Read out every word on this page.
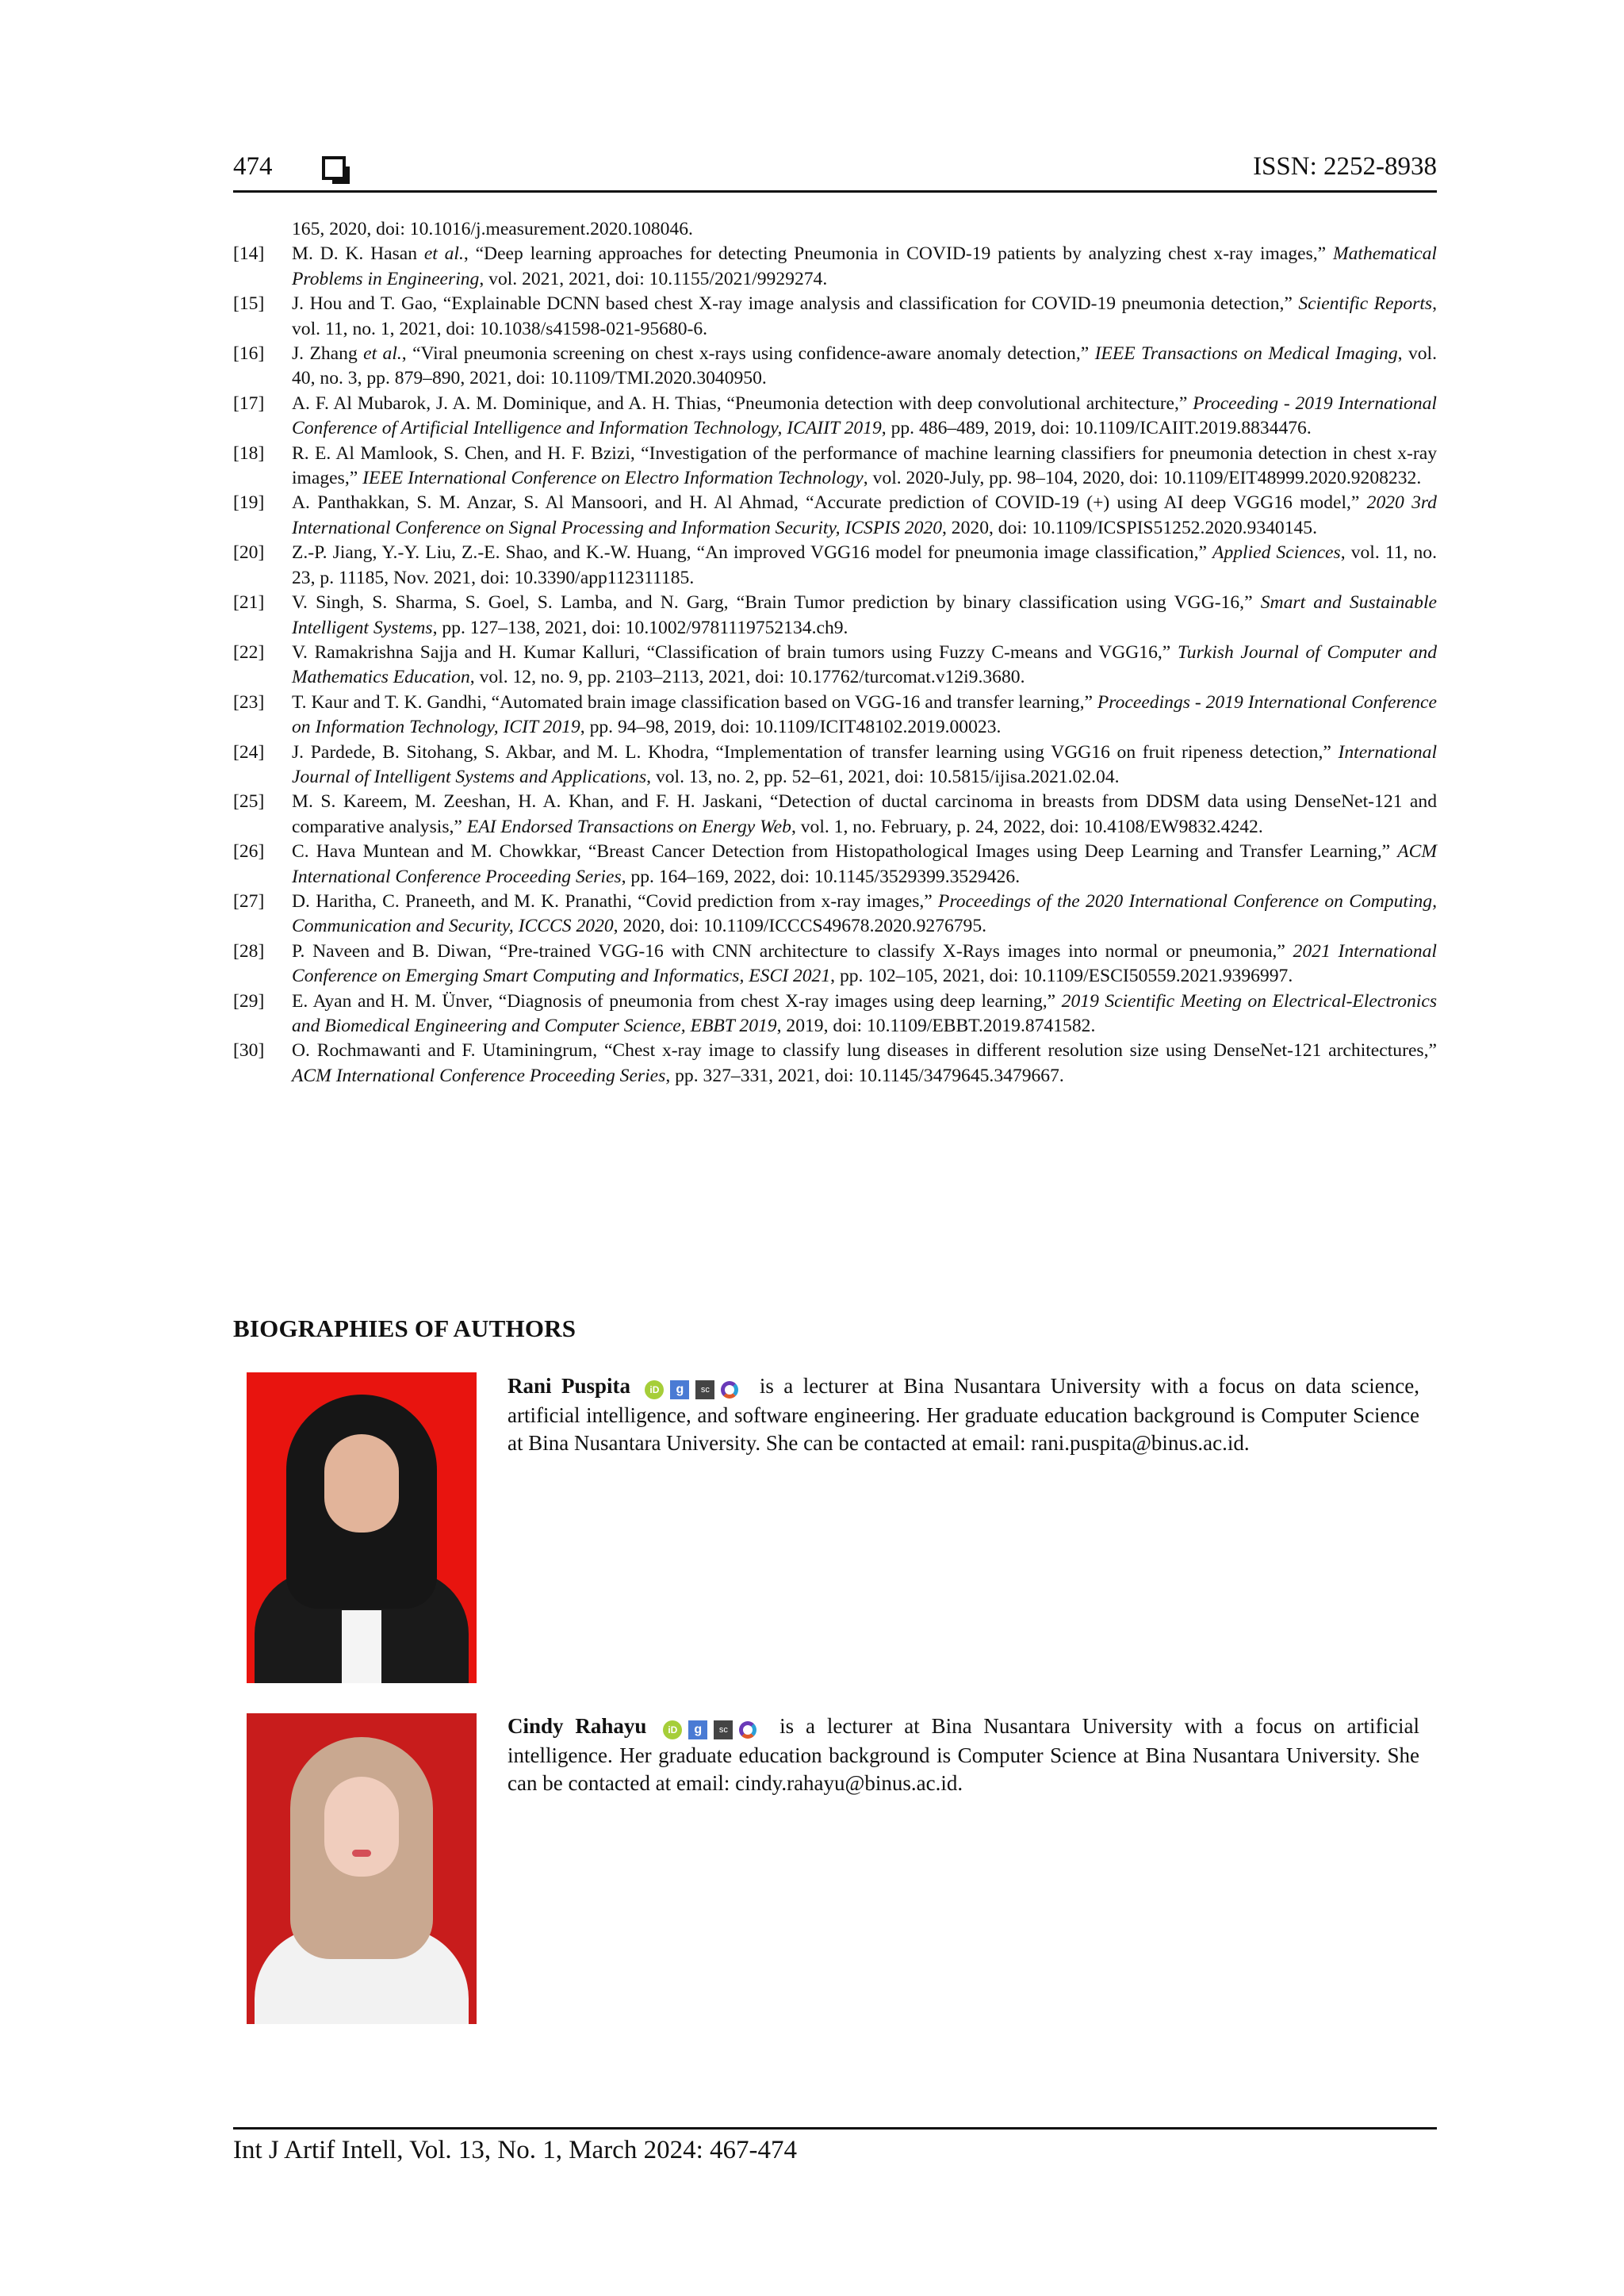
474	ISSN: 2252-8938
165, 2020, doi: 10.1016/j.measurement.2020.108046.
[14]	M. D. K. Hasan et al., “Deep learning approaches for detecting Pneumonia in COVID-19 patients by analyzing chest x-ray images,” Mathematical Problems in Engineering, vol. 2021, 2021, doi: 10.1155/2021/9929274.
[15]	J. Hou and T. Gao, “Explainable DCNN based chest X-ray image analysis and classification for COVID-19 pneumonia detection,” Scientific Reports, vol. 11, no. 1, 2021, doi: 10.1038/s41598-021-95680-6.
[16]	J. Zhang et al., “Viral pneumonia screening on chest x-rays using confidence-aware anomaly detection,” IEEE Transactions on Medical Imaging, vol. 40, no. 3, pp. 879–890, 2021, doi: 10.1109/TMI.2020.3040950.
[17]	A. F. Al Mubarok, J. A. M. Dominique, and A. H. Thias, “Pneumonia detection with deep convolutional architecture,” Proceeding - 2019 International Conference of Artificial Intelligence and Information Technology, ICAIIT 2019, pp. 486–489, 2019, doi: 10.1109/ICAIIT.2019.8834476.
[18]	R. E. Al Mamlook, S. Chen, and H. F. Bzizi, “Investigation of the performance of machine learning classifiers for pneumonia detection in chest x-ray images,” IEEE International Conference on Electro Information Technology, vol. 2020-July, pp. 98–104, 2020, doi: 10.1109/EIT48999.2020.9208232.
[19]	A. Panthakkan, S. M. Anzar, S. Al Mansoori, and H. Al Ahmad, “Accurate prediction of COVID-19 (+) using AI deep VGG16 model,” 2020 3rd International Conference on Signal Processing and Information Security, ICSPIS 2020, 2020, doi: 10.1109/ICSPIS51252.2020.9340145.
[20]	Z.-P. Jiang, Y.-Y. Liu, Z.-E. Shao, and K.-W. Huang, “An improved VGG16 model for pneumonia image classification,” Applied Sciences, vol. 11, no. 23, p. 11185, Nov. 2021, doi: 10.3390/app112311185.
[21]	V. Singh, S. Sharma, S. Goel, S. Lamba, and N. Garg, “Brain Tumor prediction by binary classification using VGG-16,” Smart and Sustainable Intelligent Systems, pp. 127–138, 2021, doi: 10.1002/9781119752134.ch9.
[22]	V. Ramakrishna Sajja and H. Kumar Kalluri, “Classification of brain tumors using Fuzzy C-means and VGG16,” Turkish Journal of Computer and Mathematics Education, vol. 12, no. 9, pp. 2103–2113, 2021, doi: 10.17762/turcomat.v12i9.3680.
[23]	T. Kaur and T. K. Gandhi, “Automated brain image classification based on VGG-16 and transfer learning,” Proceedings - 2019 International Conference on Information Technology, ICIT 2019, pp. 94–98, 2019, doi: 10.1109/ICIT48102.2019.00023.
[24]	J. Pardede, B. Sitohang, S. Akbar, and M. L. Khodra, “Implementation of transfer learning using VGG16 on fruit ripeness detection,” International Journal of Intelligent Systems and Applications, vol. 13, no. 2, pp. 52–61, 2021, doi: 10.5815/ijisa.2021.02.04.
[25]	M. S. Kareem, M. Zeeshan, H. A. Khan, and F. H. Jaskani, “Detection of ductal carcinoma in breasts from DDSM data using DenseNet-121 and comparative analysis,” EAI Endorsed Transactions on Energy Web, vol. 1, no. February, p. 24, 2022, doi: 10.4108/EW9832.4242.
[26]	C. Hava Muntean and M. Chowkkar, “Breast Cancer Detection from Histopathological Images using Deep Learning and Transfer Learning,” ACM International Conference Proceeding Series, pp. 164–169, 2022, doi: 10.1145/3529399.3529426.
[27]	D. Haritha, C. Praneeth, and M. K. Pranathi, “Covid prediction from x-ray images,” Proceedings of the 2020 International Conference on Computing, Communication and Security, ICCCS 2020, 2020, doi: 10.1109/ICCCS49678.2020.9276795.
[28]	P. Naveen and B. Diwan, “Pre-trained VGG-16 with CNN architecture to classify X-Rays images into normal or pneumonia,” 2021 International Conference on Emerging Smart Computing and Informatics, ESCI 2021, pp. 102–105, 2021, doi: 10.1109/ESCI50559.2021.9396997.
[29]	E. Ayan and H. M. Ünver, “Diagnosis of pneumonia from chest X-ray images using deep learning,” 2019 Scientific Meeting on Electrical-Electronics and Biomedical Engineering and Computer Science, EBBT 2019, 2019, doi: 10.1109/EBBT.2019.8741582.
[30]	O. Rochmawanti and F. Utaminingrum, “Chest x-ray image to classify lung diseases in different resolution size using DenseNet-121 architectures,” ACM International Conference Proceeding Series, pp. 327–331, 2021, doi: 10.1145/3479645.3479667.
BIOGRAPHIES OF AUTHORS
Rani Puspita iD g sc is a lecturer at Bina Nusantara University with a focus on data science, artificial intelligence, and software engineering. Her graduate education background is Computer Science at Bina Nusantara University. She can be contacted at email: rani.puspita@binus.ac.id.
Cindy Rahayu iD g sc is a lecturer at Bina Nusantara University with a focus on artificial intelligence. Her graduate education background is Computer Science at Bina Nusantara University. She can be contacted at email: cindy.rahayu@binus.ac.id.
Int J Artif Intell, Vol. 13, No. 1, March 2024: 467-474
